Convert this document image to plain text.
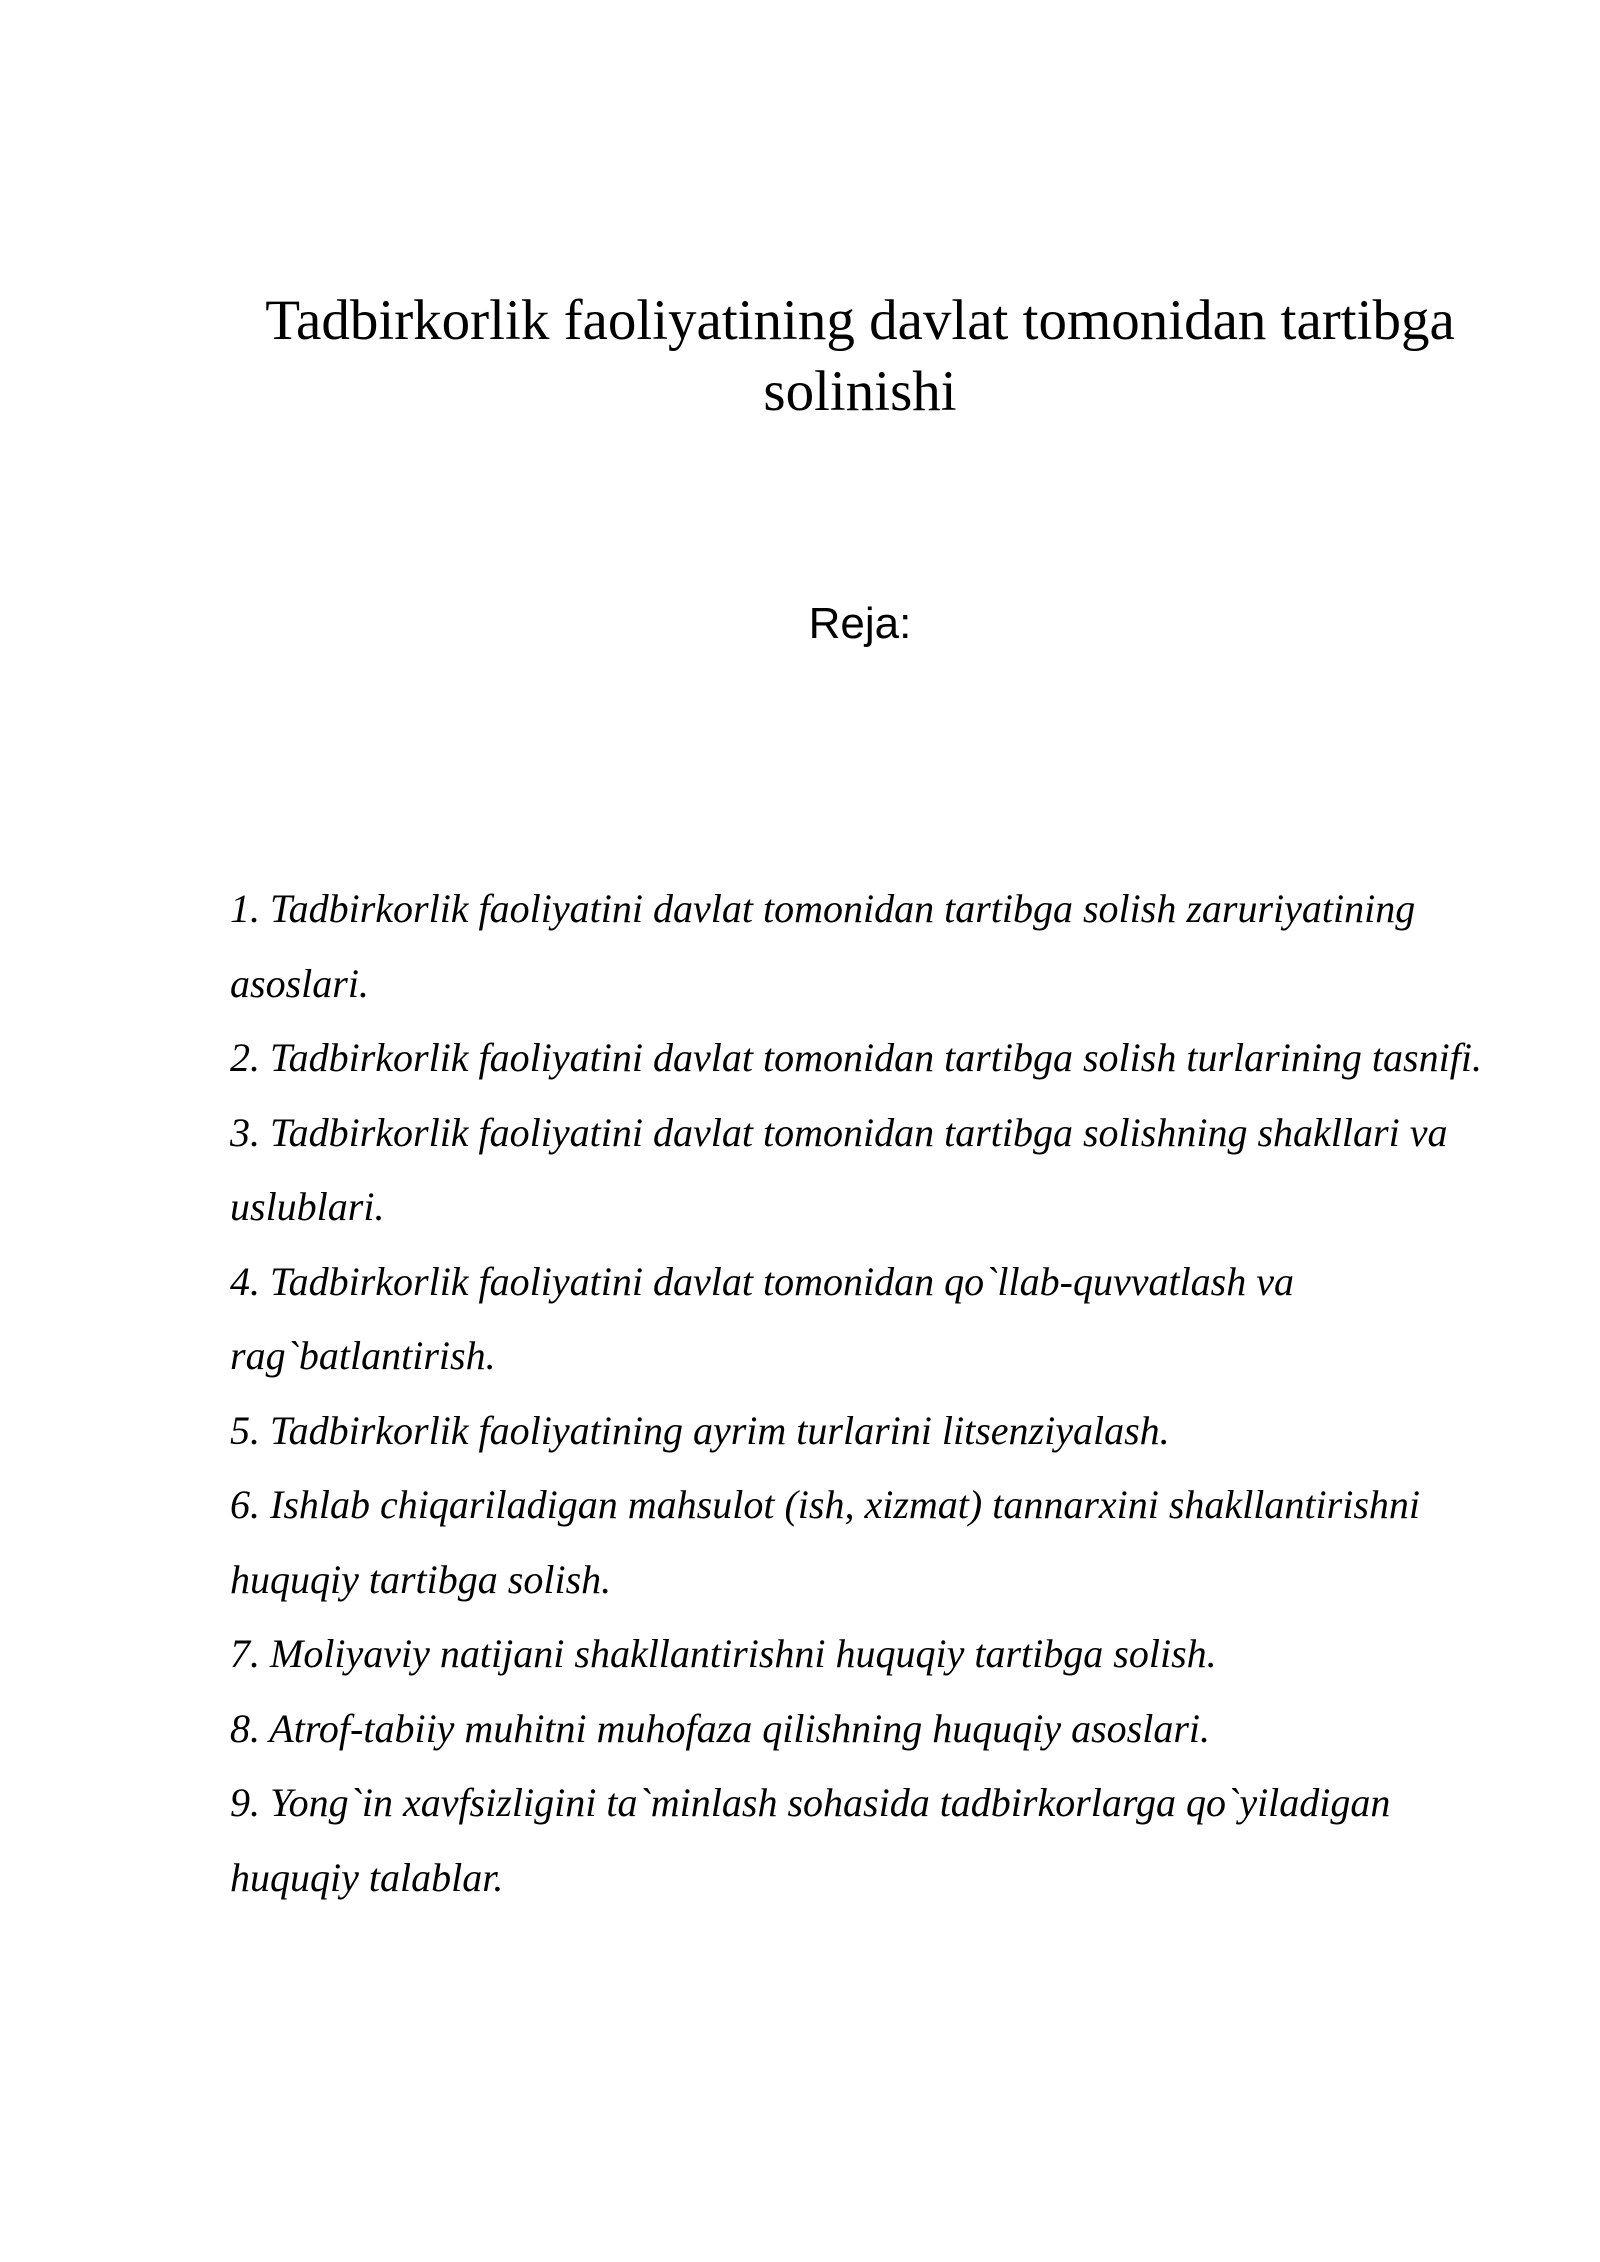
Tadbirkorlik faoliyatining davlat tomonidan tartibga solinishi

Reja:

1. Tadbirkorlik faoliyatini davlat tomonidan tartibga solish zaruriyatining asoslari.
2. Tadbirkorlik faoliyatini davlat tomonidan tartibga solish turlarining tasnifi.
3. Tadbirkorlik faoliyatini davlat tomonidan tartibga solishning shakllari va uslublari.
4. Tadbirkorlik faoliyatini davlat tomonidan qo`llab-quvvatlash va rag`batlantirish.
5. Tadbirkorlik faoliyatining ayrim turlarini litsenziyalash.
6. Ishlab chiqariladigan mahsulot (ish, xizmat) tannarxini shakllantirishni huquqiy tartibga solish.
7. Moliyaviy natijani shakllantirishni huquqiy tartibga solish.
8. Atrof-tabiiy muhitni muhofaza qilishning huquqiy asoslari.
9. Yong`in xavfsizligini ta`minlash sohasida tadbirkorlarga qo`yiladigan huquqiy talablar.
